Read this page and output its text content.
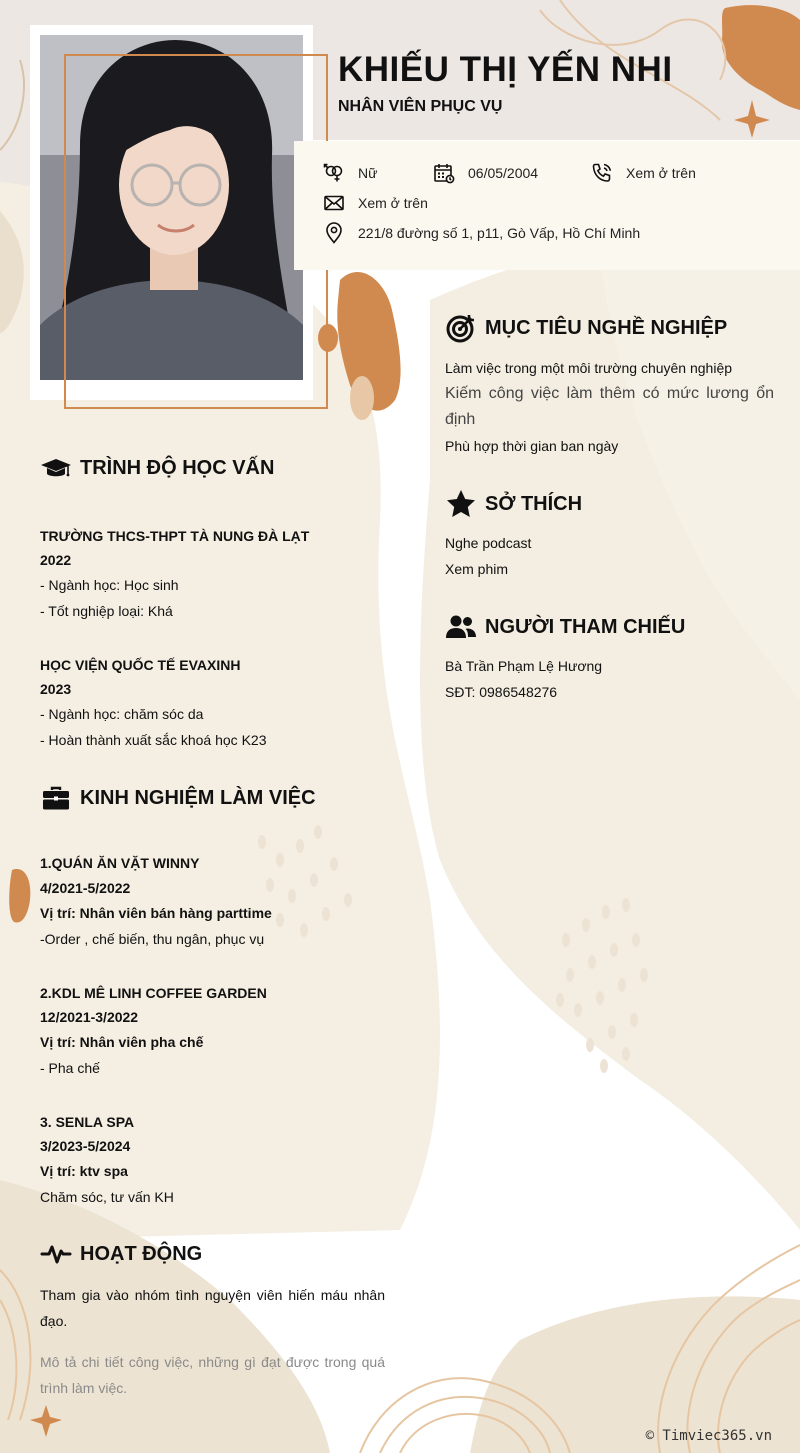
KHIẾU THỊ YẾN NHI
NHÂN VIÊN PHỤC VỤ
Nữ	06/05/2004	Xem ở trên
Xem ở trên
221/8 đường số 1, p11, Gò Vấp, Hồ Chí Minh
TRÌNH ĐỘ HỌC VẤN
TRƯỜNG THCS-THPT TÀ NUNG ĐÀ LẠT
2022
- Ngành học: Học sinh
- Tốt nghiệp loại: Khá
HỌC VIỆN QUỐC TẾ EVAXINH
2023
- Ngành học: chăm sóc da
- Hoàn thành xuất sắc khoá học K23
KINH NGHIỆM LÀM VIỆC
1.QUÁN ĂN VẶT WINNY
4/2021-5/2022
Vị trí: Nhân viên bán hàng parttime
-Order , chế biến, thu ngân, phục vụ
2.KDL MÊ LINH COFFEE GARDEN
12/2021-3/2022
Vị trí: Nhân viên pha chế
- Pha chế
3. SENLA SPA
3/2023-5/2024
Vị trí: ktv spa
Chăm sóc, tư vấn KH
HOẠT ĐỘNG
Tham gia vào nhóm tình nguyện viên hiến máu nhân đạo.
Mô tả chi tiết công việc, những gì đạt được trong quá trình làm việc.
MỤC TIÊU NGHỀ NGHIỆP
Làm việc trong một môi trường chuyên nghiệp
Kiếm công việc làm thêm có mức lương ổn định
Phù hợp thời gian ban ngày
SỞ THÍCH
Nghe podcast
Xem phim
NGƯỜI THAM CHIẾU
Bà Trần Phạm Lệ Hương
SĐT: 0986548276
© Timviec365.vn
